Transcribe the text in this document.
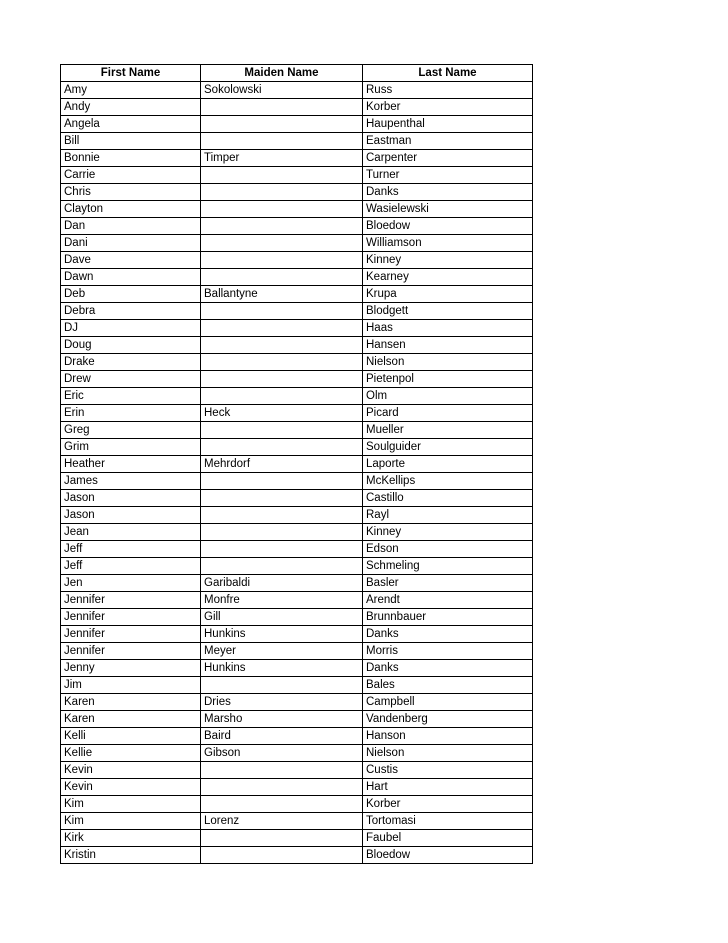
First Name	Maiden Name	Last Name
Amy	Sokolowski	Russ
Andy		Korber
Angela		Haupenthal
Bill		Eastman
Bonnie	Timper	Carpenter
Carrie		Turner
Chris		Danks
Clayton		Wasielewski
Dan		Bloedow
Dani		Williamson
Dave		Kinney
Dawn		Kearney
Deb	Ballantyne	Krupa
Debra		Blodgett
DJ		Haas
Doug		Hansen
Drake		Nielson
Drew		Pietenpol
Eric		Olm
Erin	Heck	Picard
Greg		Mueller
Grim		Soulguider
Heather	Mehrdorf	Laporte
James		McKellips
Jason		Castillo
Jason		Rayl
Jean		Kinney
Jeff		Edson
Jeff		Schmeling
Jen	Garibaldi	Basler
Jennifer	Monfre	Arendt
Jennifer	Gill	Brunnbauer
Jennifer	Hunkins	Danks
Jennifer	Meyer	Morris
Jenny	Hunkins	Danks
Jim		Bales
Karen	Dries	Campbell
Karen	Marsho	Vandenberg
Kelli	Baird	Hanson
Kellie	Gibson	Nielson
Kevin		Custis
Kevin		Hart
Kim		Korber
Kim	Lorenz	Tortomasi
Kirk		Faubel
Kristin		Bloedow
